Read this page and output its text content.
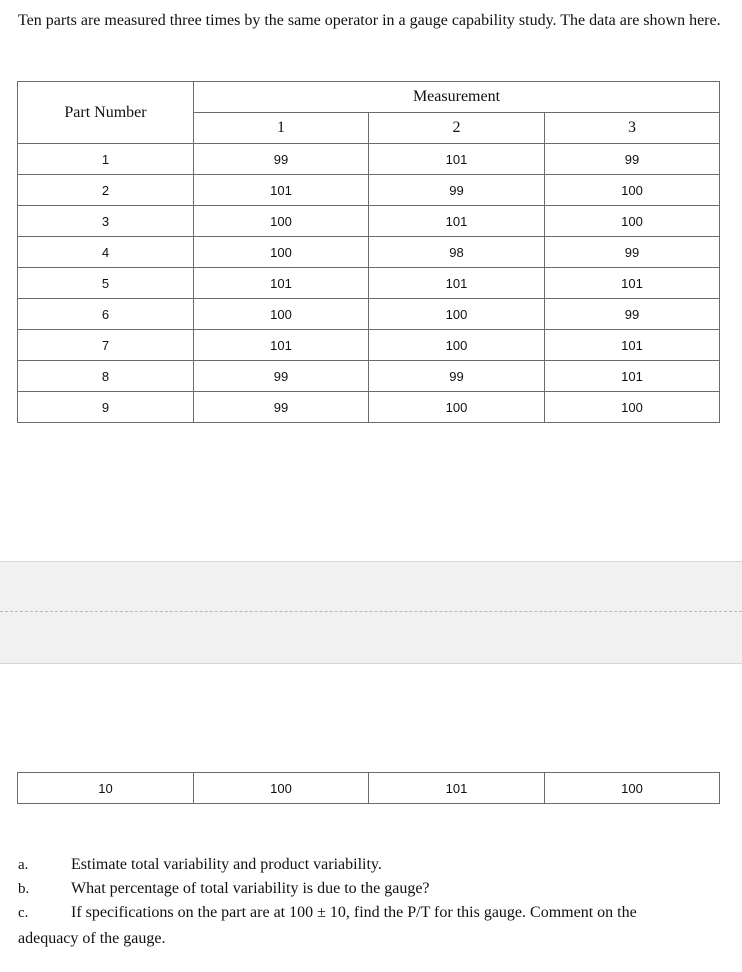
Ten parts are measured three times by the same operator in a gauge capability study. The data are shown here.

Part Number	Measurement		
	1	2	3
1	99	101	99
2	101	99	100
3	100	101	100
4	100	98	99
5	101	101	101
6	100	100	99
7	101	100	101
8	99	99	101
9	99	100	100
10	100	101	100
a.	Estimate total variability and product variability.
b.	What percentage of total variability is due to the gauge?
c.	If specifications on the part are at 100 ± 10, find the P/T for this gauge. Comment on the
adequacy of the gauge.
